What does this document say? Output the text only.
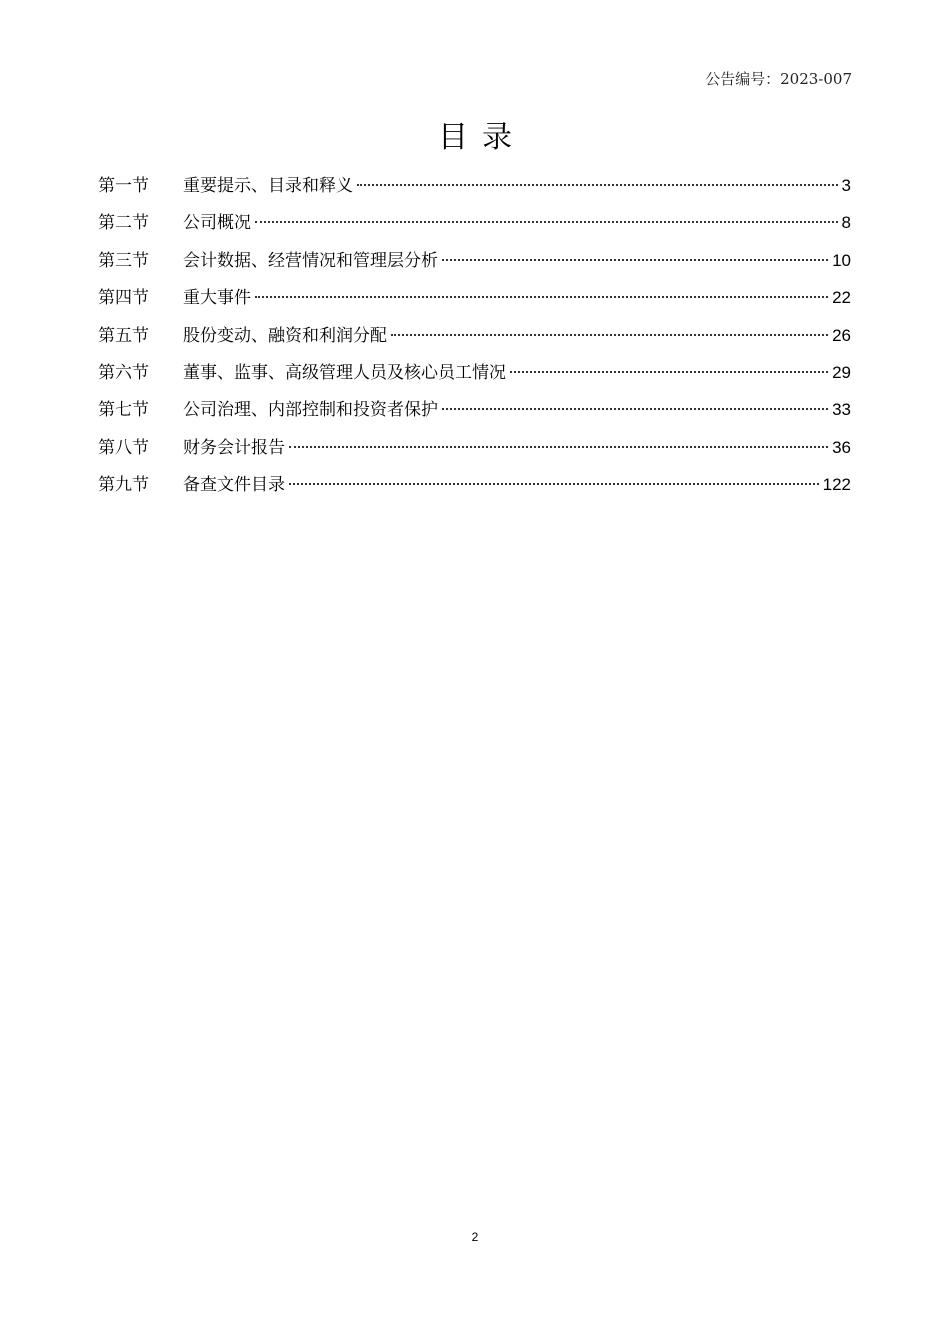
公告编号：2023-007
目录
第一节	重要提示、目录和释义	3
第二节	公司概况	8
第三节	会计数据、经营情况和管理层分析	10
第四节	重大事件	22
第五节	股份变动、融资和利润分配	26
第六节	董事、监事、高级管理人员及核心员工情况	29
第七节	公司治理、内部控制和投资者保护	33
第八节	财务会计报告	36
第九节	备查文件目录	122
2
